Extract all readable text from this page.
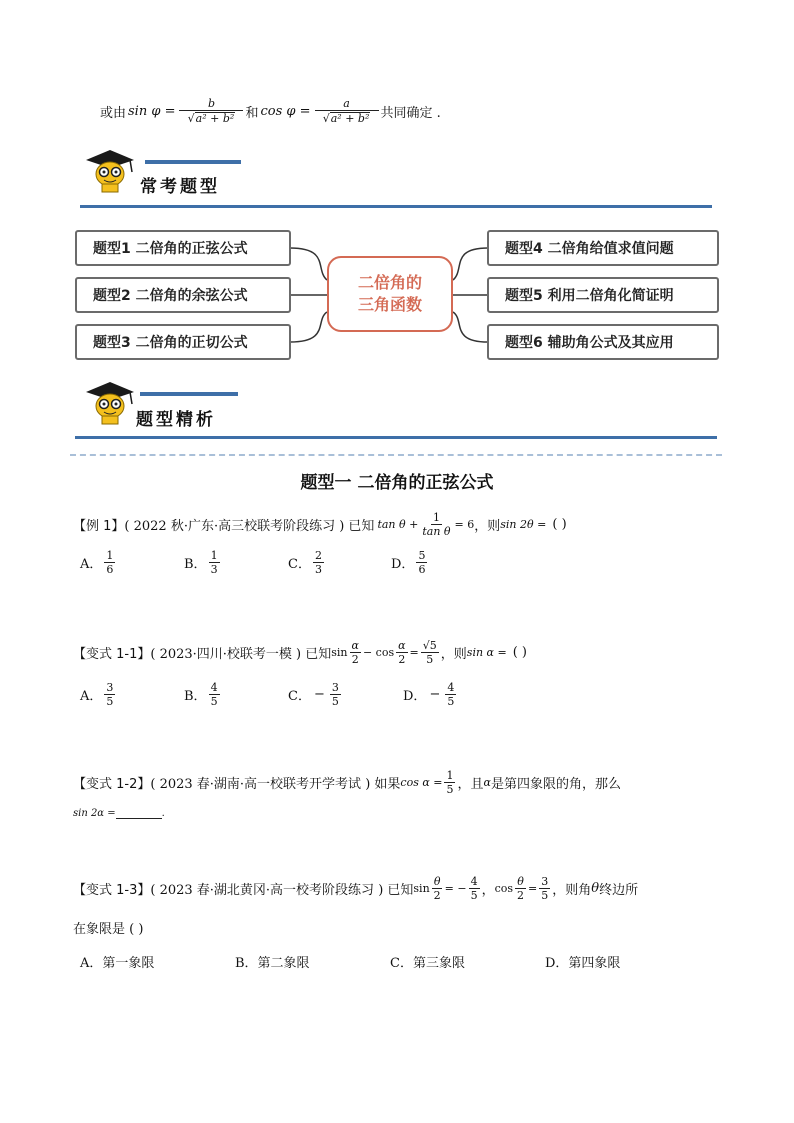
或由 $\sin \varphi = \frac{b}{\text{√a² + b²}}$ 和 $\cos \varphi = \frac{a}{\text{√a² + b²}}$ 共同确定 .
常考题型
题型1 二倍角的正弦公式
题型2 二倍角的余弦公式
题型3 二倍角的正切公式
二倍角的
三角函数
题型4 二倍角给值求值问题
题型5 利用二倍角化简证明
题型6 辅助角公式及其应用
题型精析
题型一 二倍角的正弦公式
【例 1】 ( 2022 秋·广东·高三校联考阶段练习 ) 已知 $\tan \theta + \frac{1}{\text{tan θ}} = 6$ ，则 sin 2θ = ( )
A． $\frac{1}{6}$	B． $\frac{1}{3}$	C． $\frac{2}{3}$	D． $\frac{5}{6}$
【变式 1-1】 ( 2023·四川·校联考一模 ) 已知 $\sin \frac{\alpha}{2} - \cos \frac{\alpha}{2} = \frac{√5}{5}$ ，则 sin α = ( )
A． $\frac{3}{5}$	B． $\frac{4}{5}$	C． − $\frac{3}{5}$	D． − $\frac{4}{5}$
【变式 1-2】 ( 2023 春·湖南·高一校联考开学考试 ) 如果 $\cos \alpha = \frac{1}{5}$ ，且 α 是第四象限的角，那么
sin 2α =	.
【变式 1-3】 ( 2023 春·湖北黄冈·高一校考阶段练习 ) 已知 $\sin \frac{\theta}{2}$ = − $\frac{4}{5}$ ， $\cos \frac{\theta}{2} = \frac{3}{5}$ ，则角 θ 终边所
在象限是 ( )
A．第一象限	B．第二象限	C．第三象限	D．第四象限
